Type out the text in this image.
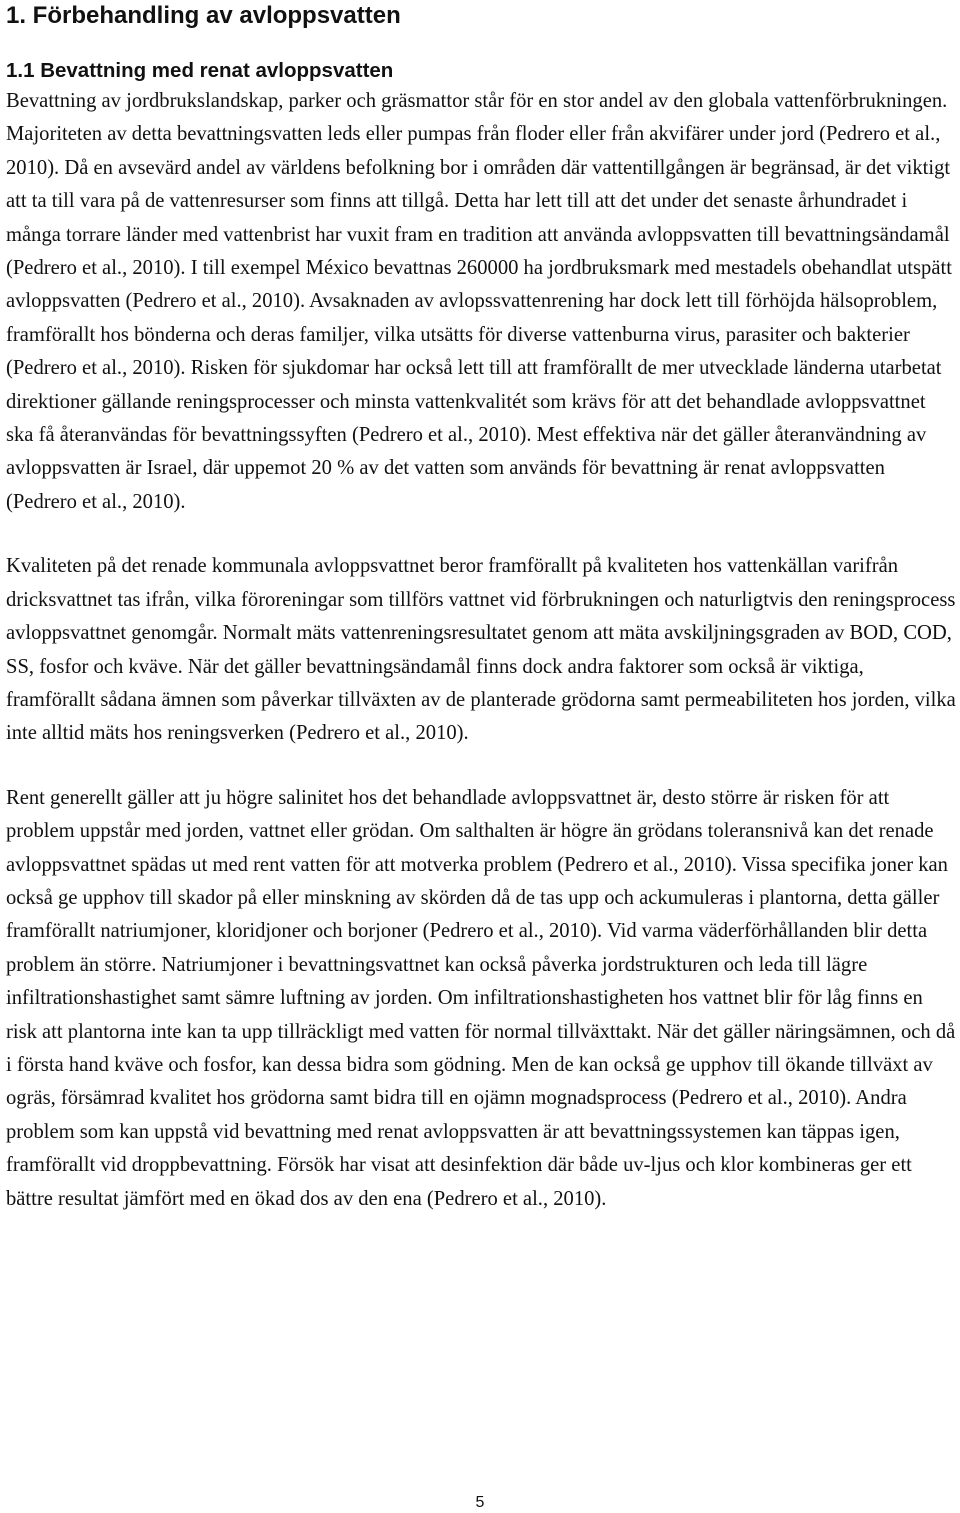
1. Förbehandling av avloppsvatten
1.1 Bevattning med renat avloppsvatten

Bevattning av jordbrukslandskap, parker och gräsmattor står för en stor andel av den globala vattenförbrukningen. Majoriteten av detta bevattningsvatten leds eller pumpas från floder eller från akvifärer under jord (Pedrero et al., 2010). Då en avsevärd andel av världens befolkning bor i områden där vattentillgången är begränsad, är det viktigt att ta till vara på de vattenresurser som finns att tillgå. Detta har lett till att det under det senaste århundradet i många torrare länder med vattenbrist har vuxit fram en tradition att använda avloppsvatten till bevattningsändamål (Pedrero et al., 2010). I till exempel México bevattnas 260000 ha jordbruksmark med mestadels obehandlat utspätt avloppsvatten (Pedrero et al., 2010). Avsaknaden av avlopssvattenrening har dock lett till förhöjda hälsoproblem, framförallt hos bönderna och deras familjer, vilka utsätts för diverse vattenburna virus, parasiter och bakterier (Pedrero et al., 2010). Risken för sjukdomar har också lett till att framförallt de mer utvecklade länderna utarbetat direktioner gällande reningsprocesser och minsta vattenkvalitét som krävs för att det behandlade avloppsvattnet ska få återanvändas för bevattningssyften (Pedrero et al., 2010). Mest effektiva när det gäller återanvändning av avloppsvatten är Israel, där uppemot 20 % av det vatten som används för bevattning är renat avloppsvatten (Pedrero et al., 2010).

Kvaliteten på det renade kommunala avloppsvattnet beror framförallt på kvaliteten hos vattenkällan varifrån dricksvattnet tas ifrån, vilka föroreningar som tillförs vattnet vid förbrukningen och naturligtvis den reningsprocess avloppsvattnet genomgår. Normalt mäts vattenreningsresultatet genom att mäta avskiljningsgraden av BOD, COD, SS, fosfor och kväve. När det gäller bevattningsändamål finns dock andra faktorer som också är viktiga, framförallt sådana ämnen som påverkar tillväxten av de planterade grödorna samt permeabiliteten hos jorden, vilka inte alltid mäts hos reningsverken (Pedrero et al., 2010).

Rent generellt gäller att ju högre salinitet hos det behandlade avloppsvattnet är, desto större är risken för att problem uppstår med jorden, vattnet eller grödan. Om salthalten är högre än grödans toleransnivå kan det renade avloppsvattnet spädas ut med rent vatten för att motverka problem (Pedrero et al., 2010). Vissa specifika joner kan också ge upphov till skador på eller minskning av skörden då de tas upp och ackumuleras i plantorna, detta gäller framförallt natriumjoner, kloridjoner och borjoner (Pedrero et al., 2010). Vid varma väderförhållanden blir detta problem än större. Natriumjoner i bevattningsvattnet kan också påverka jordstrukturen och leda till lägre infiltrationshastighet samt sämre luftning av jorden. Om infiltrationshastigheten hos vattnet blir för låg finns en risk att plantorna inte kan ta upp tillräckligt med vatten för normal tillväxttakt. När det gäller näringsämnen, och då i första hand kväve och fosfor, kan dessa bidra som gödning. Men de kan också ge upphov till ökande tillväxt av ogräs, försämrad kvalitet hos grödorna samt bidra till en ojämn mognadsprocess (Pedrero et al., 2010). Andra problem som kan uppstå vid bevattning med renat avloppsvatten är att bevattningssystemen kan täppas igen, framförallt vid droppbevattning. Försök har visat att desinfektion där både uv-ljus och klor kombineras ger ett bättre resultat jämfört med en ökad dos av den ena (Pedrero et al., 2010).

5
